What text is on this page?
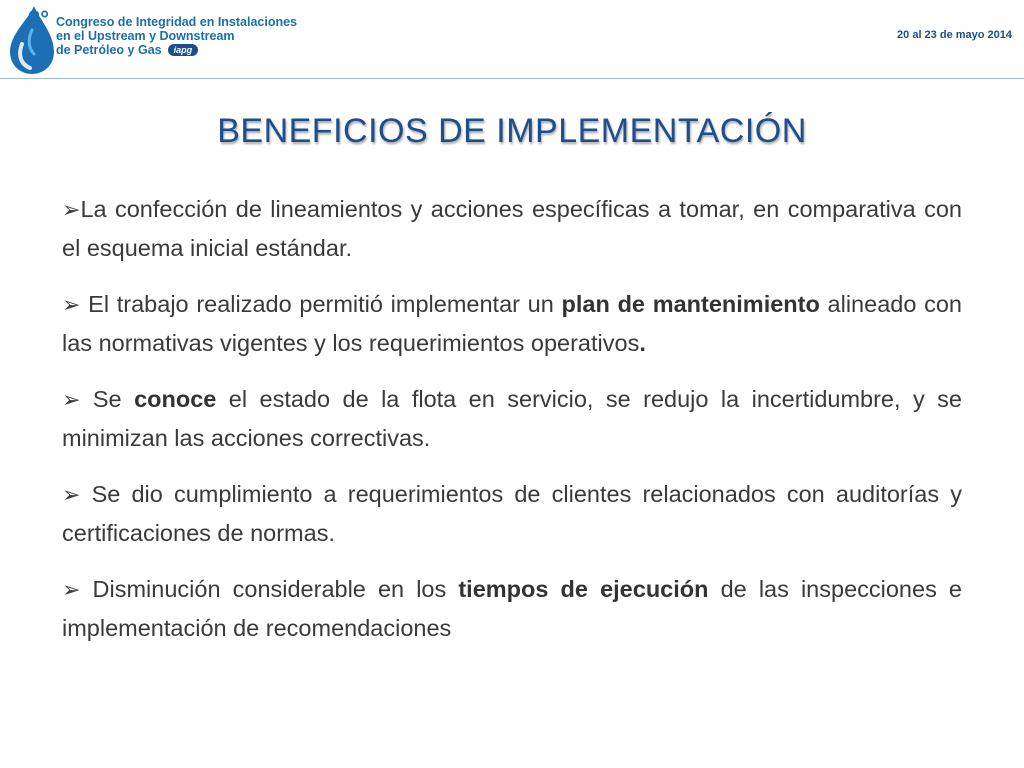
2° Congreso de Integridad en Instalaciones
en el Upstream y Downstream
de Petróleo y Gas iapg
20 al 23 de mayo 2014
BENEFICIOS DE IMPLEMENTACIÓN

➢La confección de lineamientos y acciones específicas a tomar, en comparativa con el esquema inicial estándar.

➢ El trabajo realizado permitió implementar un plan de mantenimiento alineado con las normativas vigentes y los requerimientos operativos.

➢ Se conoce el estado de la flota en servicio, se redujo la incertidumbre, y se minimizan las acciones correctivas.

➢ Se dio cumplimiento a requerimientos de clientes relacionados con auditorías y certificaciones de normas.

➢ Disminución considerable en los tiempos de ejecución de las inspecciones e implementación de recomendaciones
